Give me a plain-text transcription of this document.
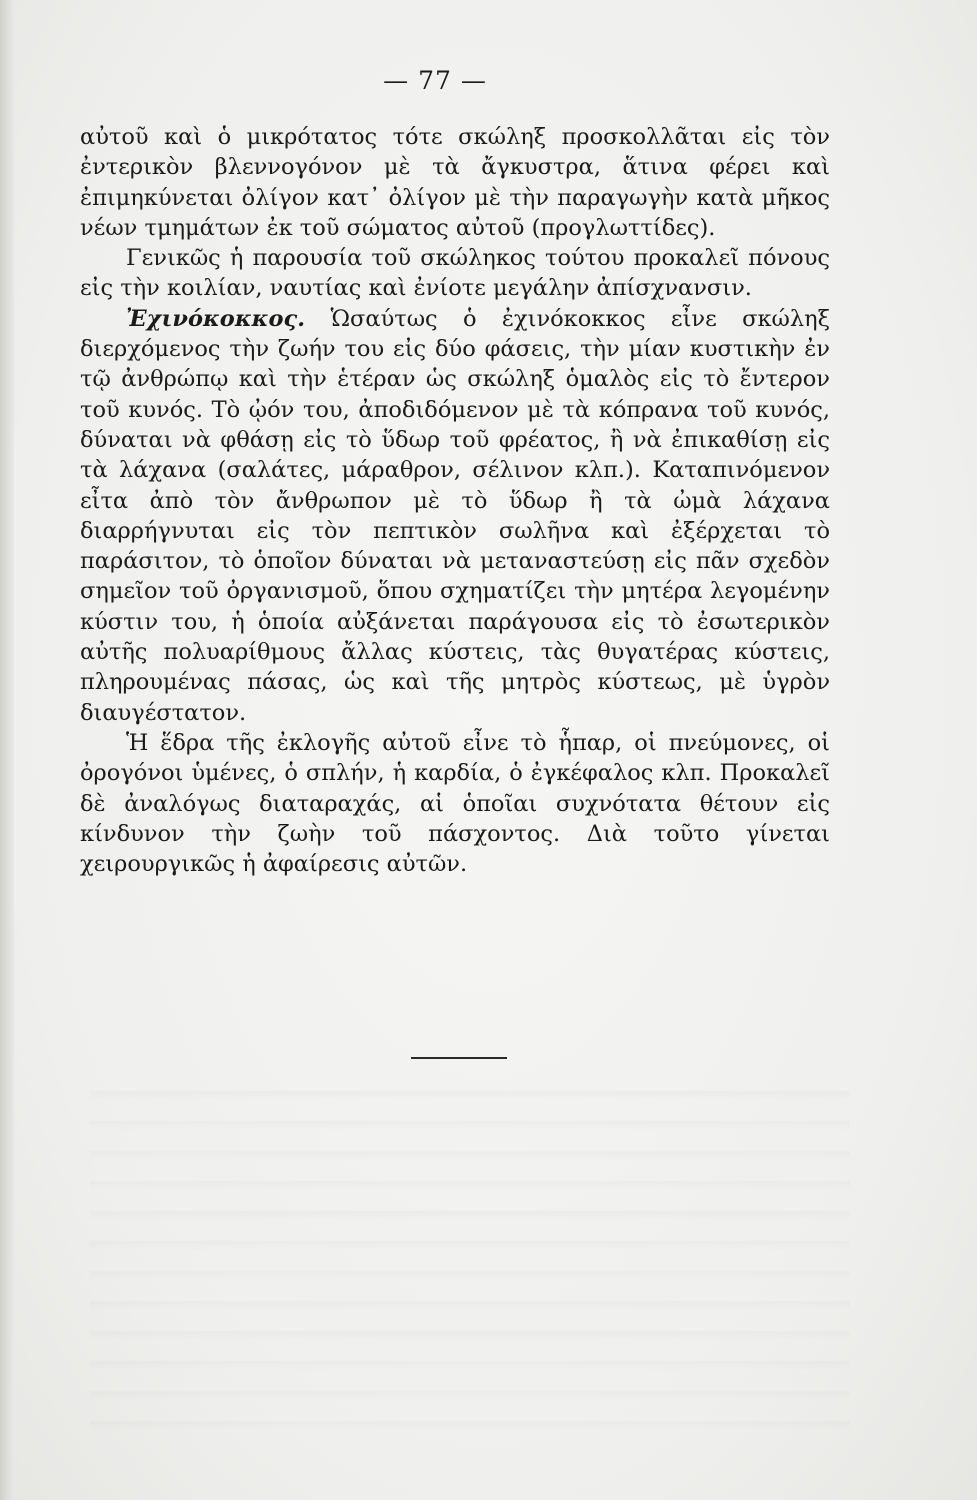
— 77 —

αὐτοῦ καὶ ὁ μικρότατος τότε σκώληξ προσκολλᾶται εἰς τὸν ἐντερικὸν βλεννογόνον μὲ τὰ ἄγκυστρα, ἅτινα φέρει καὶ ἐπιμηκύνεται ὀλίγον κατ᾽ ὀλίγον μὲ τὴν παραγωγὴν κατὰ μῆκος νέων τμημάτων ἐκ τοῦ σώματος αὐτοῦ (προγλωττίδες).

Γενικῶς ἡ παρουσία τοῦ σκώληκος τούτου προκαλεῖ πόνους εἰς τὴν κοιλίαν, ναυτίας καὶ ἐνίοτε μεγάλην ἀπίσχνανσιν.

Ἐχινόκοκκος. Ὡσαύτως ὁ ἐχινόκοκκος εἶνε σκώληξ διερχόμενος τὴν ζωήν του εἰς δύο φάσεις, τὴν μίαν κυστικὴν ἐν τῷ ἀνθρώπῳ καὶ τὴν ἑτέραν ὡς σκώληξ ὁμαλὸς εἰς τὸ ἔντερον τοῦ κυνός. Τὸ ᾠόν του, ἀποδιδόμενον μὲ τὰ κόπρανα τοῦ κυνός, δύναται νὰ φθάσῃ εἰς τὸ ὕδωρ τοῦ φρέατος, ἢ νὰ ἐπικαθίσῃ εἰς τὰ λάχανα (σαλάτες, μάραθρον, σέλινον κλπ.). Καταπινόμενον εἶτα ἀπὸ τὸν ἄνθρωπον μὲ τὸ ὕδωρ ἢ τὰ ὠμὰ λάχανα διαρρήγνυται εἰς τὸν πεπτικὸν σωλῆνα καὶ ἐξέρχεται τὸ παράσιτον, τὸ ὁποῖον δύναται νὰ μεταναστεύσῃ εἰς πᾶν σχεδὸν σημεῖον τοῦ ὀργανισμοῦ, ὅπου σχηματίζει τὴν μητέρα λεγομένην κύστιν του, ἡ ὁποία αὐξάνεται παράγουσα εἰς τὸ ἐσωτερικὸν αὐτῆς πολυαρίθμους ἄλλας κύστεις, τὰς θυγατέρας κύστεις, πληρουμένας πάσας, ὡς καὶ τῆς μητρὸς κύστεως, μὲ ὑγρὸν διαυγέστατον.

Ἡ ἕδρα τῆς ἐκλογῆς αὐτοῦ εἶνε τὸ ἧπαρ, οἱ πνεύμονες, οἱ ὀρογόνοι ὑμένες, ὁ σπλήν, ἡ καρδία, ὁ ἐγκέφαλος κλπ. Προκαλεῖ δὲ ἀναλόγως διαταραχάς, αἱ ὁποῖαι συχνότατα θέτουν εἰς κίνδυνον τὴν ζωὴν τοῦ πάσχοντος. Διὰ τοῦτο γίνεται χειρουργικῶς ἡ ἀφαίρεσις αὐτῶν.
